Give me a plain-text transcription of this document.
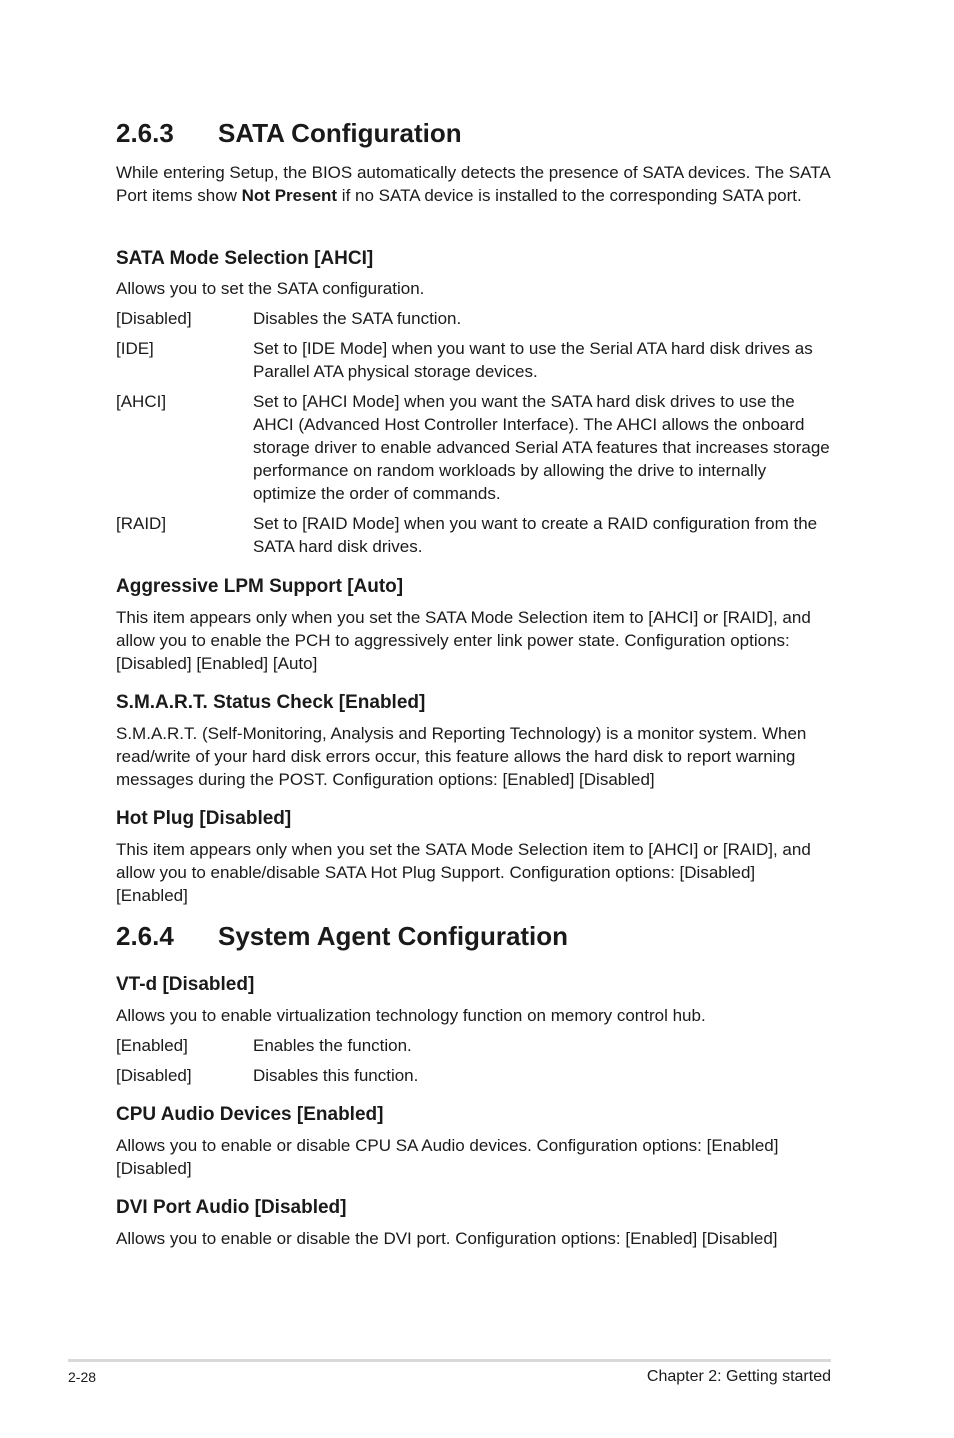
2.6.3 SATA Configuration
While entering Setup, the BIOS automatically detects the presence of SATA devices. The SATA Port items show Not Present if no SATA device is installed to the corresponding SATA port.
SATA Mode Selection [AHCI]
Allows you to set the SATA configuration.
[Disabled]	Disables the SATA function.
[IDE]	Set to [IDE Mode] when you want to use the Serial ATA hard disk drives as Parallel ATA physical storage devices.
[AHCI]	Set to [AHCI Mode] when you want the SATA hard disk drives to use the AHCI (Advanced Host Controller Interface). The AHCI allows the onboard storage driver to enable advanced Serial ATA features that increases storage performance on random workloads by allowing the drive to internally optimize the order of commands.
[RAID]	Set to [RAID Mode] when you want to create a RAID configuration from the SATA hard disk drives.
Aggressive LPM Support [Auto]
This item appears only when you set the SATA Mode Selection item to [AHCI] or [RAID], and allow you to enable the PCH to aggressively enter link power state. Configuration options: [Disabled] [Enabled] [Auto]
S.M.A.R.T. Status Check [Enabled]
S.M.A.R.T. (Self-Monitoring, Analysis and Reporting Technology) is a monitor system. When read/write of your hard disk errors occur, this feature allows the hard disk to report warning messages during the POST. Configuration options: [Enabled] [Disabled]
Hot Plug [Disabled]
This item appears only when you set the SATA Mode Selection item to [AHCI] or [RAID], and allow you to enable/disable SATA Hot Plug Support. Configuration options: [Disabled] [Enabled]
2.6.4 System Agent Configuration
VT-d [Disabled]
Allows you to enable virtualization technology function on memory control hub.
[Enabled]	Enables the function.
[Disabled]	Disables this function.
CPU Audio Devices [Enabled]
Allows you to enable or disable CPU SA Audio devices. Configuration options: [Enabled] [Disabled]
DVI Port Audio [Disabled]
Allows you to enable or disable the DVI port. Configuration options: [Enabled] [Disabled]
2-28	Chapter 2: Getting started
